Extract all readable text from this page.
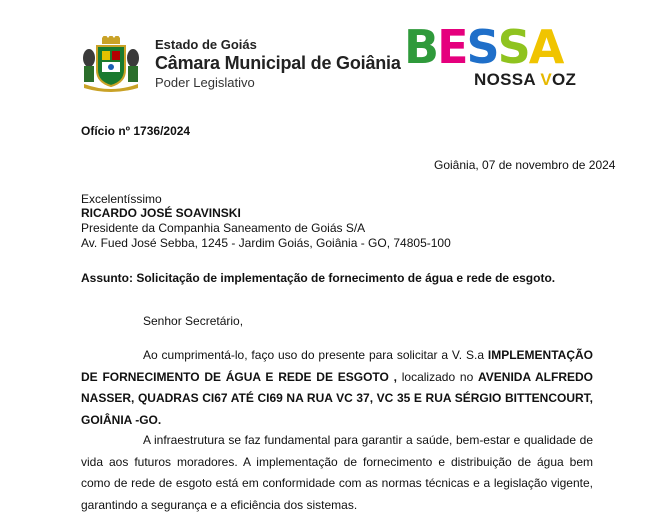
Estado de Goiás
Câmara Municipal de Goiânia
Poder Legislativo
BESSA
NOSSA VOZ
Ofício nº 1736/2024
Goiânia, 07 de novembro de 2024
Excelentíssimo
RICARDO JOSÉ SOAVINSKI
Presidente da Companhia Saneamento de Goiás S/A
Av. Fued José Sebba, 1245 - Jardim Goiás, Goiânia - GO, 74805-100
Assunto: Solicitação de implementação de fornecimento de água e rede de esgoto.
Senhor Secretário,
Ao cumprimentá-lo, faço uso do presente para solicitar a V. S.a IMPLEMENTAÇÃO DE FORNECIMENTO DE ÁGUA E REDE DE ESGOTO , localizado no AVENIDA ALFREDO NASSER, QUADRAS CI67 ATÉ CI69 NA RUA VC 37, VC 35 E RUA SÉRGIO BITTENCOURT, GOIÂNIA -GO.
A infraestrutura se faz fundamental para garantir a saúde, bem-estar e qualidade de vida aos futuros moradores. A implementação de fornecimento e distribuição de água bem como de rede de esgoto está em conformidade com as normas técnicas e a legislação vigente, garantindo a segurança e a eficiência dos sistemas.
